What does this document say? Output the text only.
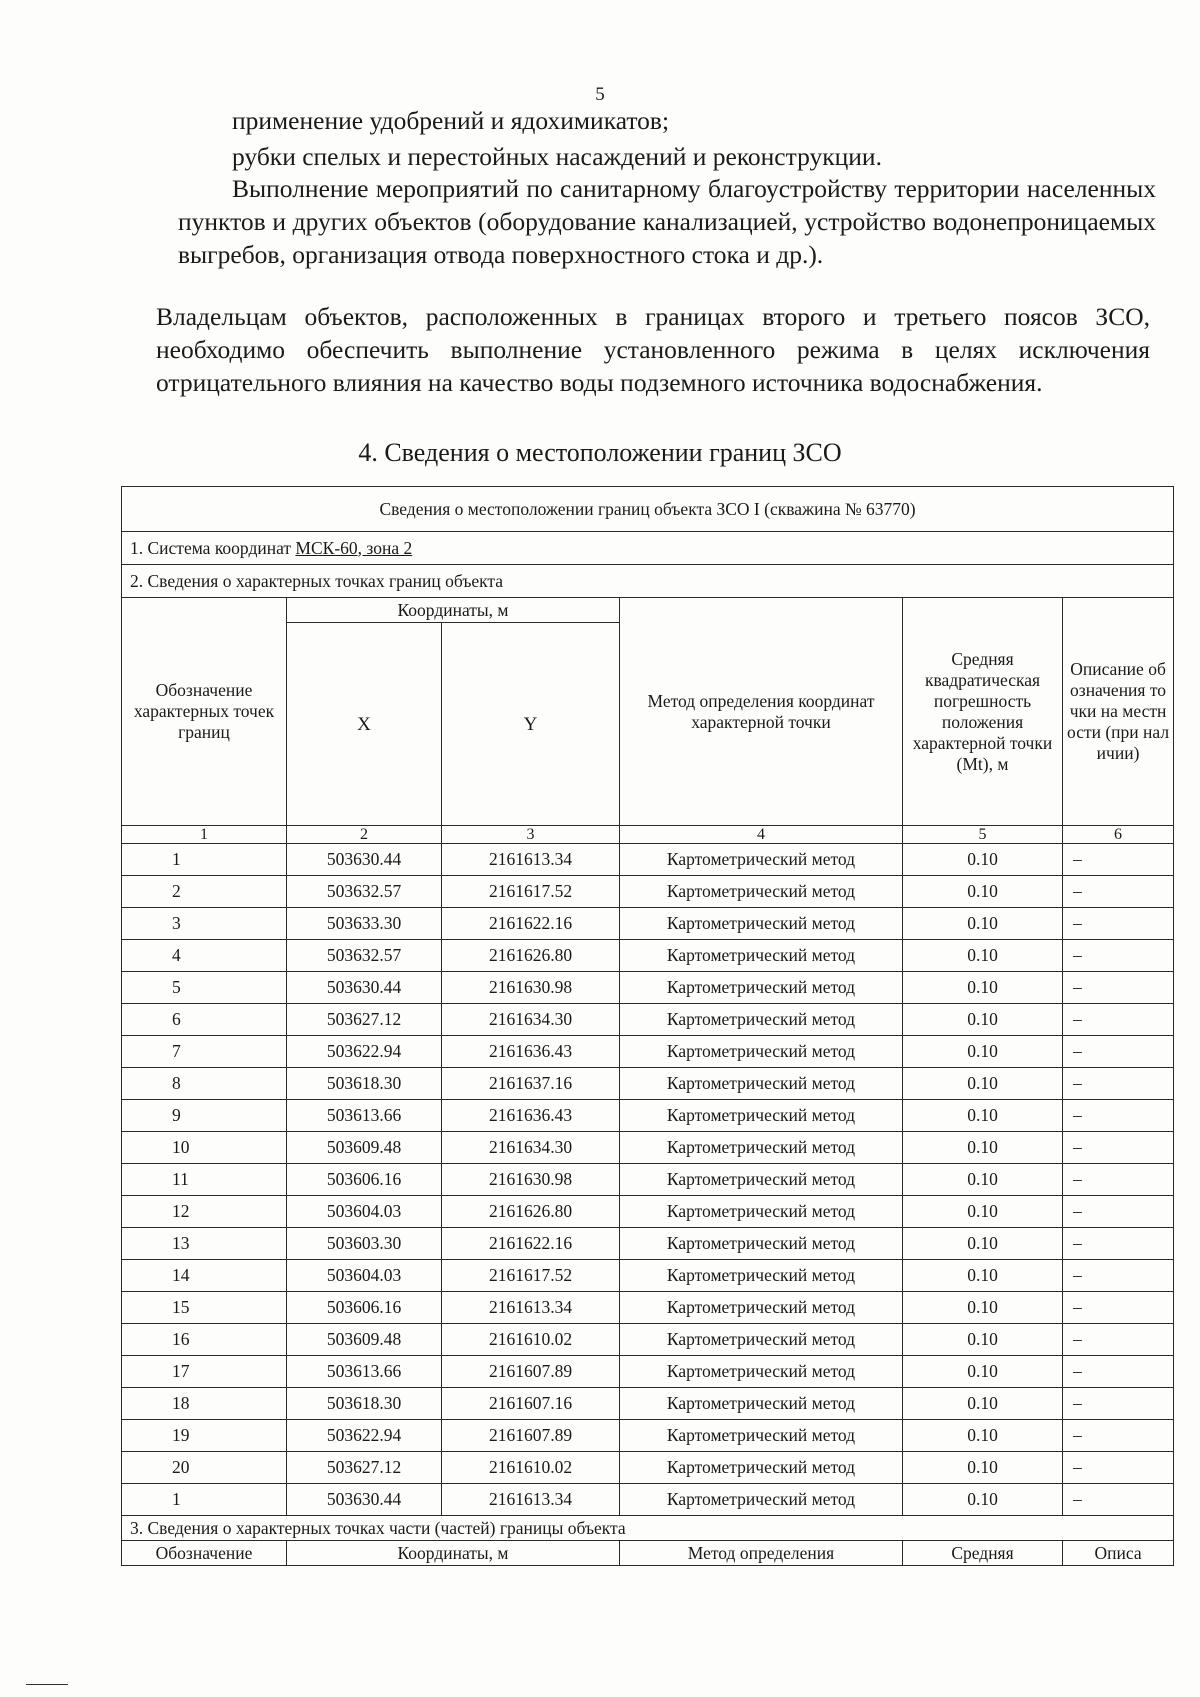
5

применение удобрений и ядохимикатов;

рубки спелых и перестойных насаждений и реконструкции.

Выполнение мероприятий по санитарному благоустройству территории населенных пунктов и других объектов (оборудование канализацией, устройство водонепроницаемых выгребов, организация отвода поверхностного стока и др.).

Владельцам объектов, расположенных в границах второго и третьего поясов ЗСО, необходимо обеспечить выполнение установленного режима в целях исключения отрицательного влияния на качество воды подземного источника водоснабжения.

4. Сведения о местоположении границ ЗСО
Сведения о местоположении границ объекта ЗСО I (скважина № 63770)					
1. Система координат МСК-60, зона 2					
2. Сведения о характерных точках границ объекта					
Обозначение характерных точек границ	Координаты, м		Метод определения координат характерной точки	Средняя квадратическая погрешность положения характерной точки (Mt), м	Описание обозначения точки на местности (при наличии)
	X	Y			
1	2	3	4	5	6
1	503630.44	2161613.34	Картометрический метод	0.10	–
2	503632.57	2161617.52	Картометрический метод	0.10	–
3	503633.30	2161622.16	Картометрический метод	0.10	–
4	503632.57	2161626.80	Картометрический метод	0.10	–
5	503630.44	2161630.98	Картометрический метод	0.10	–
6	503627.12	2161634.30	Картометрический метод	0.10	–
7	503622.94	2161636.43	Картометрический метод	0.10	–
8	503618.30	2161637.16	Картометрический метод	0.10	–
9	503613.66	2161636.43	Картометрический метод	0.10	–
10	503609.48	2161634.30	Картометрический метод	0.10	–
11	503606.16	2161630.98	Картометрический метод	0.10	–
12	503604.03	2161626.80	Картометрический метод	0.10	–
13	503603.30	2161622.16	Картометрический метод	0.10	–
14	503604.03	2161617.52	Картометрический метод	0.10	–
15	503606.16	2161613.34	Картометрический метод	0.10	–
16	503609.48	2161610.02	Картометрический метод	0.10	–
17	503613.66	2161607.89	Картометрический метод	0.10	–
18	503618.30	2161607.16	Картометрический метод	0.10	–
19	503622.94	2161607.89	Картометрический метод	0.10	–
20	503627.12	2161610.02	Картометрический метод	0.10	–
1	503630.44	2161613.34	Картометрический метод	0.10	–
3. Сведения о характерных точках части (частей) границы объекта					
Обозначение	Координаты, м		Метод определения	Средняя	Описа
